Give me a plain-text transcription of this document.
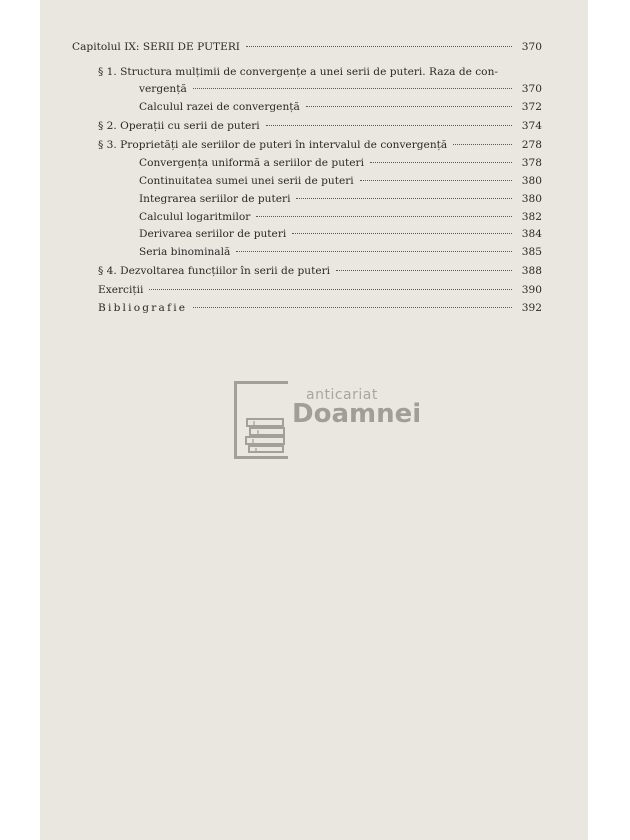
Capitolul IX: SERII DE PUTERI	370
§ 1. Structura mulțimii de convergențe a unei serii de puteri. Raza de con-
vergență	370
Calculul razei de convergență	372
§ 2. Operații cu serii de puteri	374
§ 3. Proprietăți ale seriilor de puteri în intervalul de convergență	278
Convergența uniformă a seriilor de puteri	378
Continuitatea sumei unei serii de puteri	380
Integrarea seriilor de puteri	380
Calculul logaritmilor	382
Derivarea seriilor de puteri	384
Seria binominală	385
§ 4. Dezvoltarea funcțiilor în serii de puteri	388
Exerciții	390
Bibliografie	392
anticariat
Doamnei
